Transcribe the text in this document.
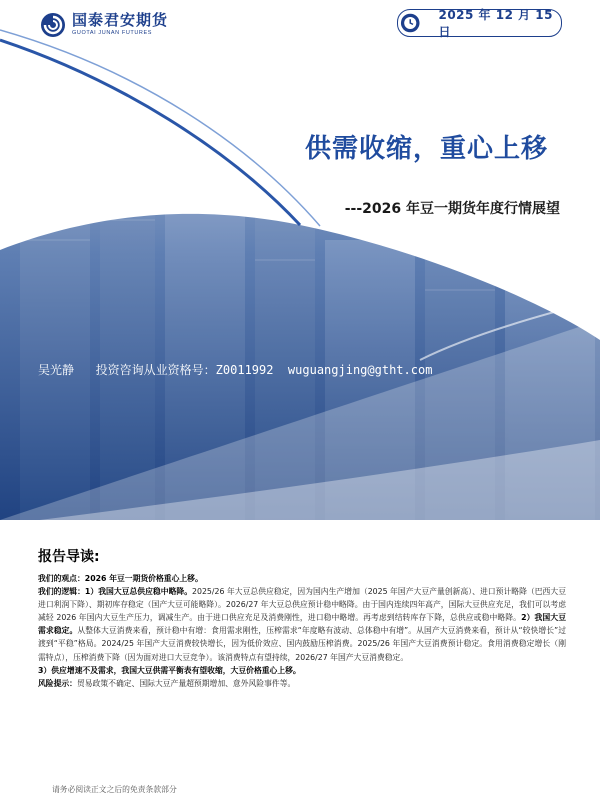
国泰君安期货
GUOTAI JUNAN FUTURES
2025 年 12 月 15 日
供需收缩，重心上移
---2026 年豆一期货年度行情展望
吴光静   投资咨询从业资格号：Z0011992  wuguangjing@gtht.com
报告导读:

我们的观点：2026 年豆一期货价格重心上移。

我们的逻辑：1）我国大豆总供应稳中略降。2025/26 年大豆总供应稳定，因为国内生产增加（2025 年国产大豆产量创新高）、进口预计略降（巴西大豆进口利润下降）、期初库存稳定（国产大豆可能略降）。2026/27 年大豆总供应预计稳中略降。由于国内连续四年高产，国际大豆供应充足，我们可以考虑减轻 2026 年国内大豆生产压力，调减生产。由于进口供应充足及消费刚性，进口稳中略增。再考虑到结转库存下降，总供应或稳中略降。2）我国大豆需求稳定。从整体大豆消费来看，预计稳中有增：食用需求刚性，压榨需求“年度略有波动、总体稳中有增”。从国产大豆消费来看，预计从“较快增长”过渡到“平稳”格局。2024/25 年国产大豆消费较快增长，因为低价效应、国内鼓励压榨消费。2025/26 年国产大豆消费预计稳定。食用消费稳定增长（刚需特点），压榨消费下降（因为面对进口大豆竞争）。该消费特点有望持续，2026/27 年国产大豆消费稳定。

3）供应增速不及需求，我国大豆供需平衡表有望收缩，大豆价格重心上移。

风险提示：贸易政策不确定、国际大豆产量超预期增加、意外风险事件等。

请务必阅读正文之后的免责条款部分
